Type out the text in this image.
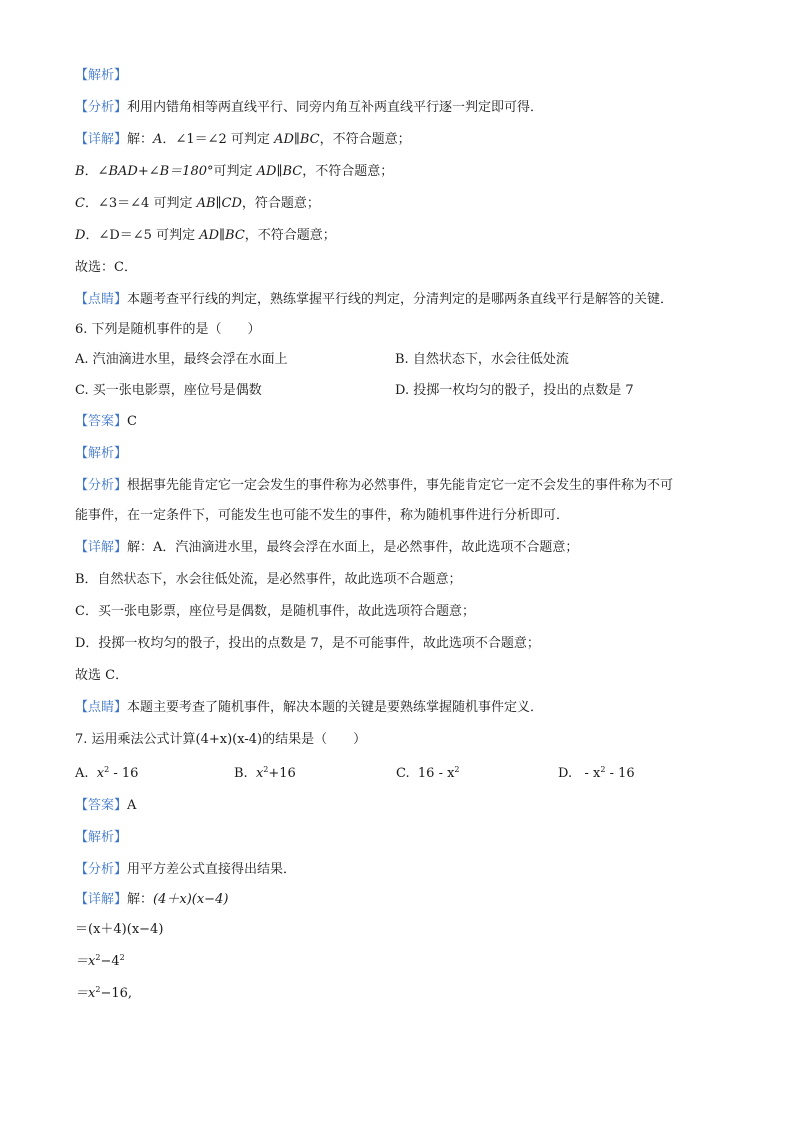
【解析】
【分析】利用内错角相等两直线平行、同旁内角互补两直线平行逐一判定即可得．
【详解】解：A．∠1＝∠2 可判定 AD∥BC，不符合题意；
B．∠BAD+∠B＝180°可判定 AD∥BC，不符合题意；
C．∠3＝∠4 可判定 AB∥CD，符合题意；
D．∠D＝∠5 可判定 AD∥BC，不符合题意；
故选：C．
【点睛】本题考查平行线的判定，熟练掌握平行线的判定，分清判定的是哪两条直线平行是解答的关键．
6. 下列是随机事件的是（　　）
A. 汽油滴进水里，最终会浮在水面上	B. 自然状态下，水会往低处流
C. 买一张电影票，座位号是偶数	D. 投掷一枚均匀的骰子，投出的点数是 7
【答案】C
【解析】
【分析】根据事先能肯定它一定会发生的事件称为必然事件，事先能肯定它一定不会发生的事件称为不可
能事件，在一定条件下，可能发生也可能不发生的事件，称为随机事件进行分析即可．
【详解】解：A．汽油滴进水里，最终会浮在水面上，是必然事件，故此选项不合题意；
B．自然状态下，水会往低处流，是必然事件，故此选项不合题意；
C．买一张电影票，座位号是偶数，是随机事件，故此选项符合题意；
D．投掷一枚均匀的骰子，投出的点数是 7，是不可能事件，故此选项不合题意；
故选 C．
【点睛】本题主要考查了随机事件，解决本题的关键是要熟练掌握随机事件定义．
7. 运用乘法公式计算(4+x)(x-4)的结果是（　　）
A. $x^2 - 16$	B. $x^2+16$	C. $16 - x^2$	D.   - $x^2 - 16$
【答案】A
【解析】
【分析】用平方差公式直接得出结果．
【详解】解：(4＋x)(x−4)
＝(x＋4)(x−4)
$=x^2-4^2$
$=x^2-16$,
